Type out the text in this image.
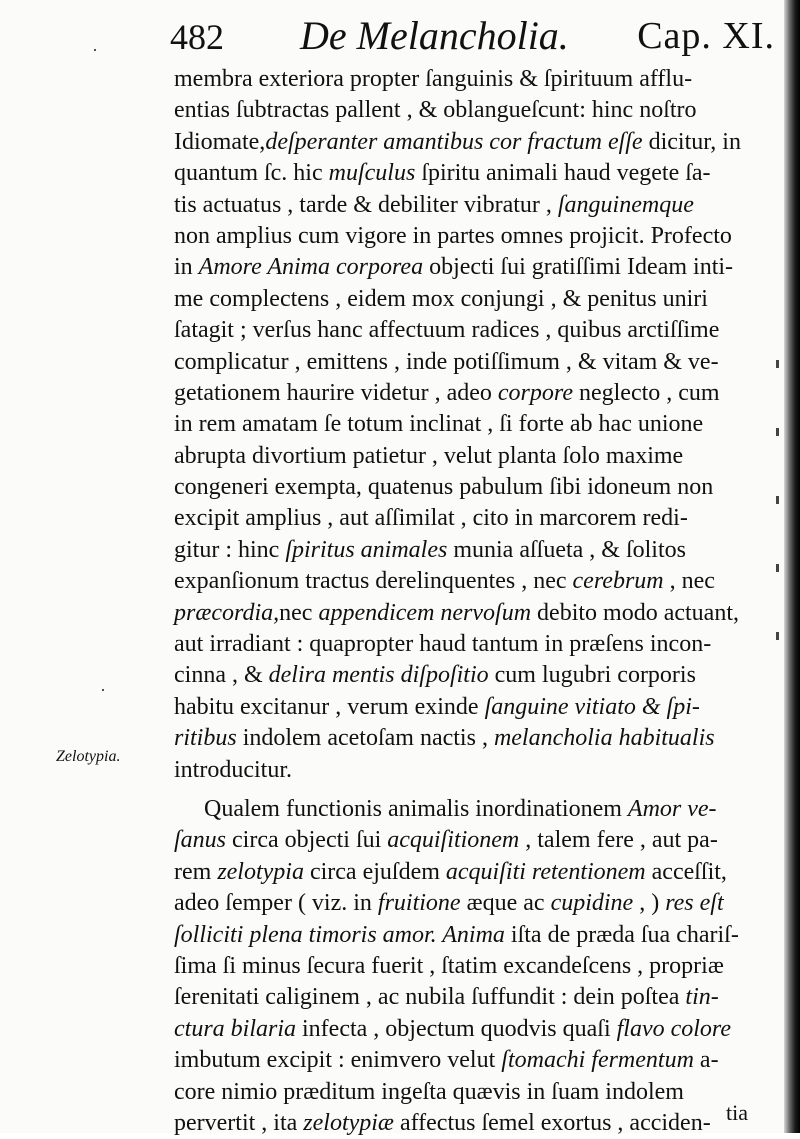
482 De Melancholia. Cap. XI.
·
·
Zelotypia.
membra exteriora propter ſanguinis & ſpirituum afflu-
entias ſubtractas pallent , & oblangueſcunt: hinc noſtro
Idiomate,deſperanter amantibus cor fractum eſſe dicitur, in
quantum ſc. hic muſculus ſpiritu animali haud vegete ſa-
tis actuatus , tarde & debiliter vibratur , ſanguinemque
non amplius cum vigore in partes omnes projicit. Profecto
in Amore Anima corporea objecti ſui gratiſſimi Ideam inti-
me complectens , eidem mox conjungi , & penitus uniri
ſatagit ; verſus hanc affectuum radices , quibus arctiſſime
complicatur , emittens , inde potiſſimum , & vitam & ve-
getationem haurire videtur , adeo corpore neglecto , cum
in rem amatam ſe totum inclinat , ſi forte ab hac unione
abrupta divortium patietur , velut planta ſolo maxime
congeneri exempta, quatenus pabulum ſibi idoneum non
excipit amplius , aut aſſimilat , cito in marcorem redi-
gitur : hinc ſpiritus animales munia aſſueta , & ſolitos
expanſionum tractus derelinquentes , nec cerebrum , nec
præcordia,nec appendicem nervoſum debito modo actuant,
aut irradiant : quapropter haud tantum in præſens incon-
cinna , & delira mentis diſpoſitio cum lugubri corporis
habitu excitanur , verum exinde ſanguine vitiato & ſpi-
ritibus indolem acetoſam nactis , melancholia habitualis
introducitur.
Qualem functionis animalis inordinationem Amor ve-
ſanus circa objecti ſui acquiſitionem , talem fere , aut pa-
rem zelotypia circa ejuſdem acquiſiti retentionem acceſſit,
adeo ſemper ( viz. in fruitione æque ac cupidine , ) res eſt
ſolliciti plena timoris amor. Anima iſta de præda ſua chariſ-
ſima ſi minus ſecura fuerit , ſtatim excandeſcens , propriæ
ſerenitati caliginem , ac nubila ſuffundit : dein poſtea tin-
ctura bilaria infecta , objectum quodvis quaſi flavo colore
imbutum excipit : enimvero velut ſtomachi fermentum a-
core nimio præditum ingeſta quævis in ſuam indolem
pervertit , ita zelotypiæ affectus ſemel exortus , acciden- tia
